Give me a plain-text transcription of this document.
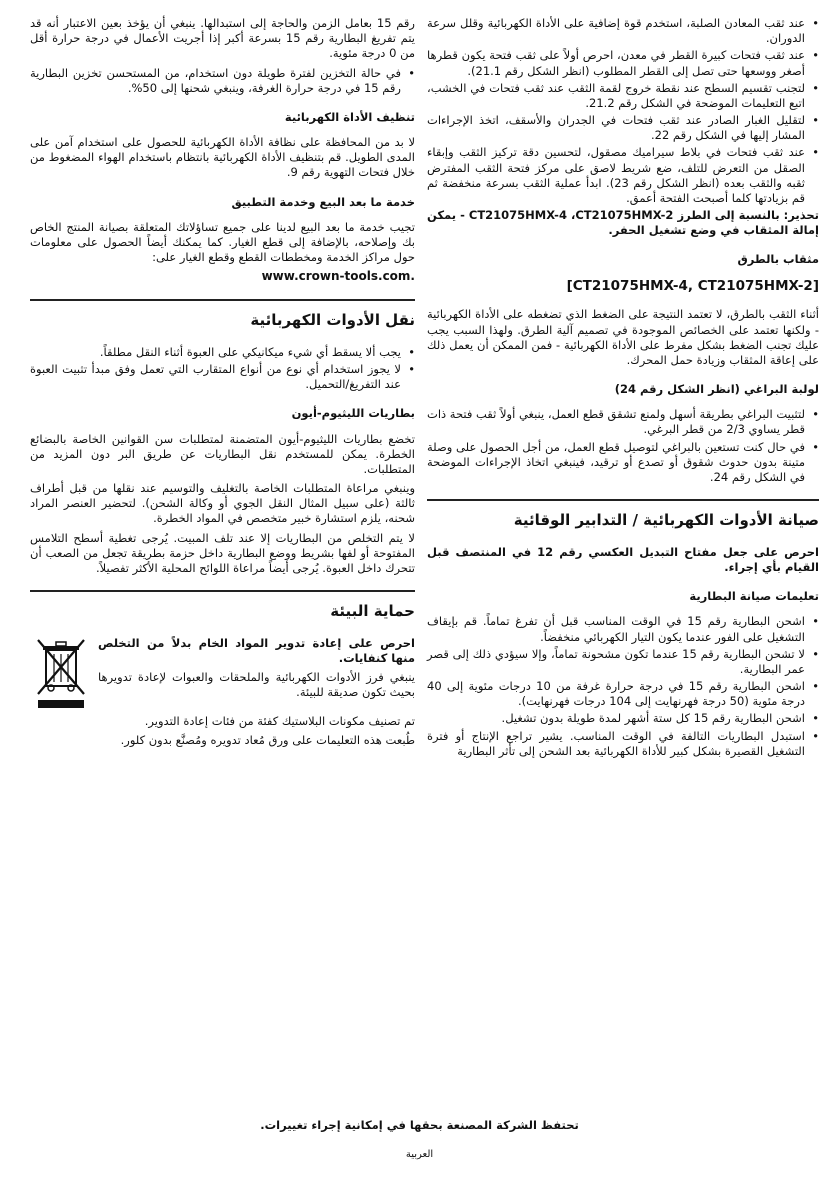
• عند ثقب المعادن الصلبة، استخدم قوة إضافية على الأداة الكهربائية وقلل سرعة الدوران.
• عند ثقب فتحات كبيرة القطر في معدن، احرص أولاً على ثقب فتحة يكون قطرها أصغر ووسعها حتى تصل إلى القطر المطلوب (انظر الشكل رقم 21.1).
• لتجنب تقسيم السطح عند نقطة خروج لقمة الثقب عند ثقب فتحات في الخشب، اتبع التعليمات الموضحة في الشكل رقم 21.2.
• لتقليل الغبار الصادر عند ثقب فتحات في الجدران والأسقف، اتخذ الإجراءات المشار إليها في الشكل رقم 22.
• عند ثقب فتحات في بلاط سيراميك مصقول، لتحسين دقة تركيز الثقب وإبقاء الصقل من التعرض للتلف، ضع شريط لاصق على مركز فتحة الثقب المفترض ثقبه والثقب بعده (انظر الشكل رقم 23). ابدأ عملية الثقب بسرعة منخفضة ثم قم بزيادتها كلما أصبحت الفتحة أعمق.

تحذير: بالنسبة إلى الطرز CT21075HMX-4 ،CT21075HMX-2 - يمكن إمالة المثقاب في وضع تشغيل الحفر.

مثقاب بالطرق
[CT21075HMX-4, CT21075HMX-2]

أثناء الثقب بالطرق، لا تعتمد النتيجة على الضغط الذي تضغطه على الأداة الكهربائية - ولكنها تعتمد على الخصائص الموجودة في تصميم آلية الطرق. ولهذا السبب يجب عليك تجنب الضغط بشكل مفرط على الأداة الكهربائية - فمن الممكن أن يعمل ذلك على إعاقة المثقاب وزيادة حمل المحرك.

لولبة البراغي (انظر الشكل رقم 24)
• لتثبيت البراغي بطريقة أسهل ولمنع تشقق قطع العمل، ينبغي أولاً ثقب فتحة ذات قطر يساوي 2/3 من قطر البرغي.
• في حال كنت تستعين بالبراغي لتوصيل قطع العمل، من أجل الحصول على وصلة متينة بدون حدوث شقوق أو تصدع أو ترقيد، فينبغي اتخاذ الإجراءات الموضحة في الشكل رقم 24.
صيانة الأدوات الكهربائية / التدابير الوقائية

احرص على جعل مفتاح التبديل العكسي رقم 12 في المنتصف قبل القيام بأي إجراء.

تعليمات صيانة البطارية
• اشحن البطارية رقم 15 في الوقت المناسب قبل أن تفرغ تماماً. قم بإيقاف التشغيل على الفور عندما يكون التيار الكهربائي منخفضاً.
• لا تشحن البطارية رقم 15 عندما تكون مشحونة تماماً، وإلا سيؤدي ذلك إلى قصر عمر البطارية.
• اشحن البطارية رقم 15 في درجة حرارة غرفة من 10 درجات مئوية إلى 40 درجة مئوية (50 درجة فهرنهايت إلى 104 درجات فهرنهايت).
• اشحن البطارية رقم 15 كل ستة أشهر لمدة طويلة بدون تشغيل.
• استبدل البطاريات التالفة في الوقت المناسب. يشير تراجع الإنتاج أو فترة التشغيل القصيرة بشكل كبير للأداة الكهربائية بعد الشحن إلى تأثر البطارية

رقم 15 بعامل الزمن والحاجة إلى استبدالها. ينبغي أن يؤخذ بعين الاعتبار أنه قد يتم تفريغ البطارية رقم 15 بسرعة أكبر إذا أجريت الأعمال في درجة حرارة أقل من 0 درجة مئوية.

• في حالة التخزين لفترة طويلة دون استخدام، من المستحسن تخزين البطارية رقم 15 في درجة حرارة الغرفة، وينبغي شحنها إلى 50%.
تنظيف الأداة الكهربائية

لا بد من المحافظة على نظافة الأداة الكهربائية للحصول على استخدام آمن على المدى الطويل. قم بتنظيف الأداة الكهربائية بانتظام باستخدام الهواء المضغوط من خلال فتحات التهوية رقم 9.

خدمة ما بعد البيع وخدمة التطبيق

تجيب خدمة ما بعد البيع لدينا على جميع تساؤلاتك المتعلقة بصيانة المنتج الخاص بك وإصلاحه، بالإضافة إلى قطع الغيار. كما يمكنك أيضاً الحصول على معلومات حول مراكز الخدمة ومخططات القطع وقطع الغيار على:

www.crown-tools.com.
نقل الأدوات الكهربائية
• يجب ألا يسقط أي شيء ميكانيكي على العبوة أثناء النقل مطلقاً.
• لا يجوز استخدام أي نوع من أنواع المتقارب التي تعمل وفق مبدأ تثبيت العبوة عند التفريغ/التحميل.
بطاريات الليثيوم-أيون

تخضع بطاريات الليثيوم-أيون المتضمنة لمتطلبات سن القوانين الخاصة بالبضائع الخطرة. يمكن للمستخدم نقل البطاريات عن طريق البر دون المزيد من المتطلبات.

وينبغي مراعاة المتطلبات الخاصة بالتغليف والتوسيم عند نقلها من قبل أطراف ثالثة (على سبيل المثال النقل الجوي أو وكالة الشحن). لتحضير العنصر المراد شحنه، يلزم استشارة خبير متخصص في المواد الخطرة.

لا يتم التخلص من البطاريات إلا عند تلف المبيت. يُرجى تغطية أسطح التلامس المفتوحة أو لفها بشريط ووضع البطارية داخل حزمة بطريقة تجعل من الصعب أن تتحرك داخل العبوة. يُرجى أيضاً مراعاة اللوائح المحلية الأكثر تفصيلاً.

حماية البيئة

احرص على إعادة تدوير المواد الخام بدلاً من التخلص منها كنفايات.

ينبغي فرز الأدوات الكهربائية والملحقات والعبوات لإعادة تدويرها بحيث تكون صديقة للبيئة.

تم تصنيف مكونات البلاستيك كفئة من فئات إعادة التدوير.

طُبعت هذه التعليمات على ورق مُعاد تدويره ومُصنَّع بدون كلور.

تحتفظ الشركة المصنعة بحقها في إمكانية إجراء تغييرات.
العربية
